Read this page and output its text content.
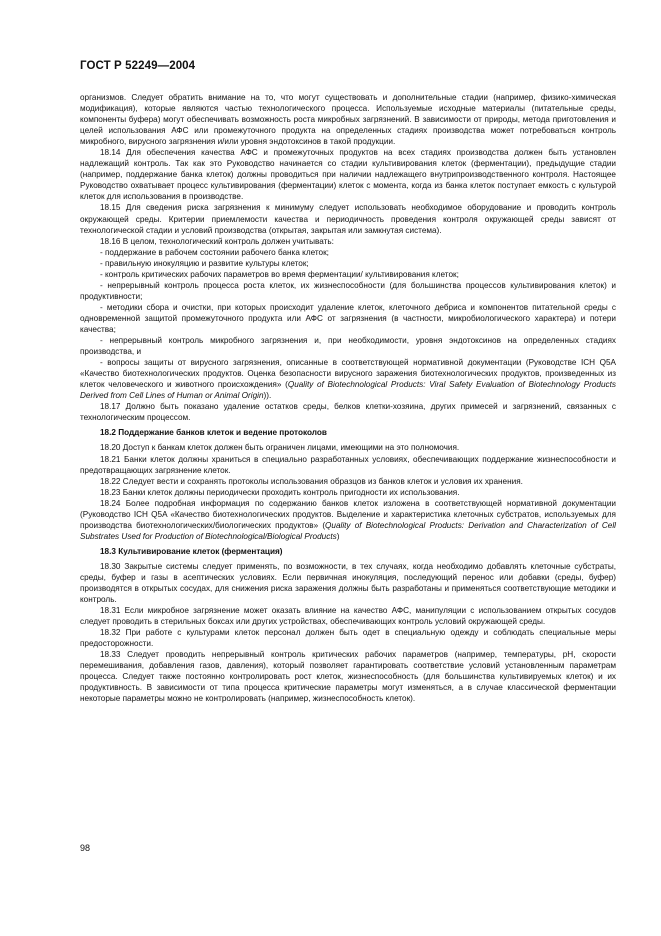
ГОСТ Р 52249—2004

организмов. Следует обратить внимание на то, что могут существовать и дополнительные стадии (например, физико-химическая модификация), которые являются частью технологического процесса. Используемые исходные материалы (питательные среды, компоненты буфера) могут обеспечивать возможность роста микробных загрязнений. В зависимости от природы, метода приготовления и целей использования АФС или промежуточного продукта на определенных стадиях производства может потребоваться контроль микробного, вирусного загрязнения и/или уровня эндотоксинов в такой продукции.

18.14 Для обеспечения качества АФС и промежуточных продуктов на всех стадиях производства должен быть установлен надлежащий контроль. Так как это Руководство начинается со стадии культивирования клеток (ферментации), предыдущие стадии (например, поддержание банка клеток) должны проводиться при наличии надлежащего внутрипроизводственного контроля. Настоящее Руководство охватывает процесс культивирования (ферментации) клеток с момента, когда из банка клеток поступает емкость с культурой клеток для использования в производстве.

18.15 Для сведения риска загрязнения к минимуму следует использовать необходимое оборудование и проводить контроль окружающей среды. Критерии приемлемости качества и периодичность проведения контроля окружающей среды зависят от технологической стадии и условий производства (открытая, закрытая или замкнутая система).

18.16 В целом, технологический контроль должен учитывать:

- поддержание в рабочем состоянии рабочего банка клеток;

- правильную инокуляцию и развитие культуры клеток;

- контроль критических рабочих параметров во время ферментации/ культивирования клеток;

- непрерывный контроль процесса роста клеток, их жизнеспособности (для большинства процессов культивирования клеток) и продуктивности;

- методики сбора и очистки, при которых происходит удаление клеток, клеточного дебриса и компонентов питательной среды с одновременной защитой промежуточного продукта или АФС от загрязнения (в частности, микробиологического характера) и потери качества;

- непрерывный контроль микробного загрязнения и, при необходимости, уровня эндотоксинов на определенных стадиях производства, и

- вопросы защиты от вирусного загрязнения, описанные в соответствующей нормативной документации (Руководстве ICH Q5A «Качество биотехнологических продуктов. Оценка безопасности вирусного заражения биотехнологических продуктов, произведенных из клеток человеческого и животного происхождения» (Quality of Biotechnological Products: Viral Safety Evaluation of Biotechnology Products Derived from Cell Lines of Human or Animal Origin)).

18.17 Должно быть показано удаление остатков среды, белков клетки-хозяина, других примесей и загрязнений, связанных с технологическим процессом.

18.2 Поддержание банков клеток и ведение протоколов

18.20 Доступ к банкам клеток должен быть ограничен лицами, имеющими на это полномочия.

18.21 Банки клеток должны храниться в специально разработанных условиях, обеспечивающих поддержание жизнеспособности и предотвращающих загрязнение клеток.

18.22 Следует вести и сохранять протоколы использования образцов из банков клеток и условия их хранения.

18.23 Банки клеток должны периодически проходить контроль пригодности их использования.

18.24 Более подробная информация по содержанию банков клеток изложена в соответствующей нормативной документации (Руководство ICH Q5A «Качество биотехнологических продуктов. Выделение и характеристика клеточных субстратов, используемых для производства биотехнологических/биологических продуктов» (Quality of Biotechnological Products: Derivation and Characterization of Cell Substrates Used for Production of Biotechnological/Biological Products)

18.3 Культивирование клеток (ферментация)

18.30 Закрытые системы следует применять, по возможности, в тех случаях, когда необходимо добавлять клеточные субстраты, среды, буфер и газы в асептических условиях. Если первичная инокуляция, последующий перенос или добавки (среды, буфер) производятся в открытых сосудах, для снижения риска заражения должны быть разработаны и применяться соответствующие методики и контроль.

18.31 Если микробное загрязнение может оказать влияние на качество АФС, манипуляции с использованием открытых сосудов следует проводить в стерильных боксах или других устройствах, обеспечивающих контроль условий окружающей среды.

18.32 При работе с культурами клеток персонал должен быть одет в специальную одежду и соблюдать специальные меры предосторожности.

18.33 Следует проводить непрерывный контроль критических рабочих параметров (например, температуры, pH, скорости перемешивания, добавления газов, давления), который позволяет гарантировать соответствие условий установленным параметрам процесса. Следует также постоянно контролировать рост клеток, жизнеспособность (для большинства культивируемых клеток) и их продуктивность. В зависимости от типа процесса критические параметры могут изменяться, а в случае классической ферментации некоторые параметры можно не контролировать (например, жизнеспособность клеток).

98
